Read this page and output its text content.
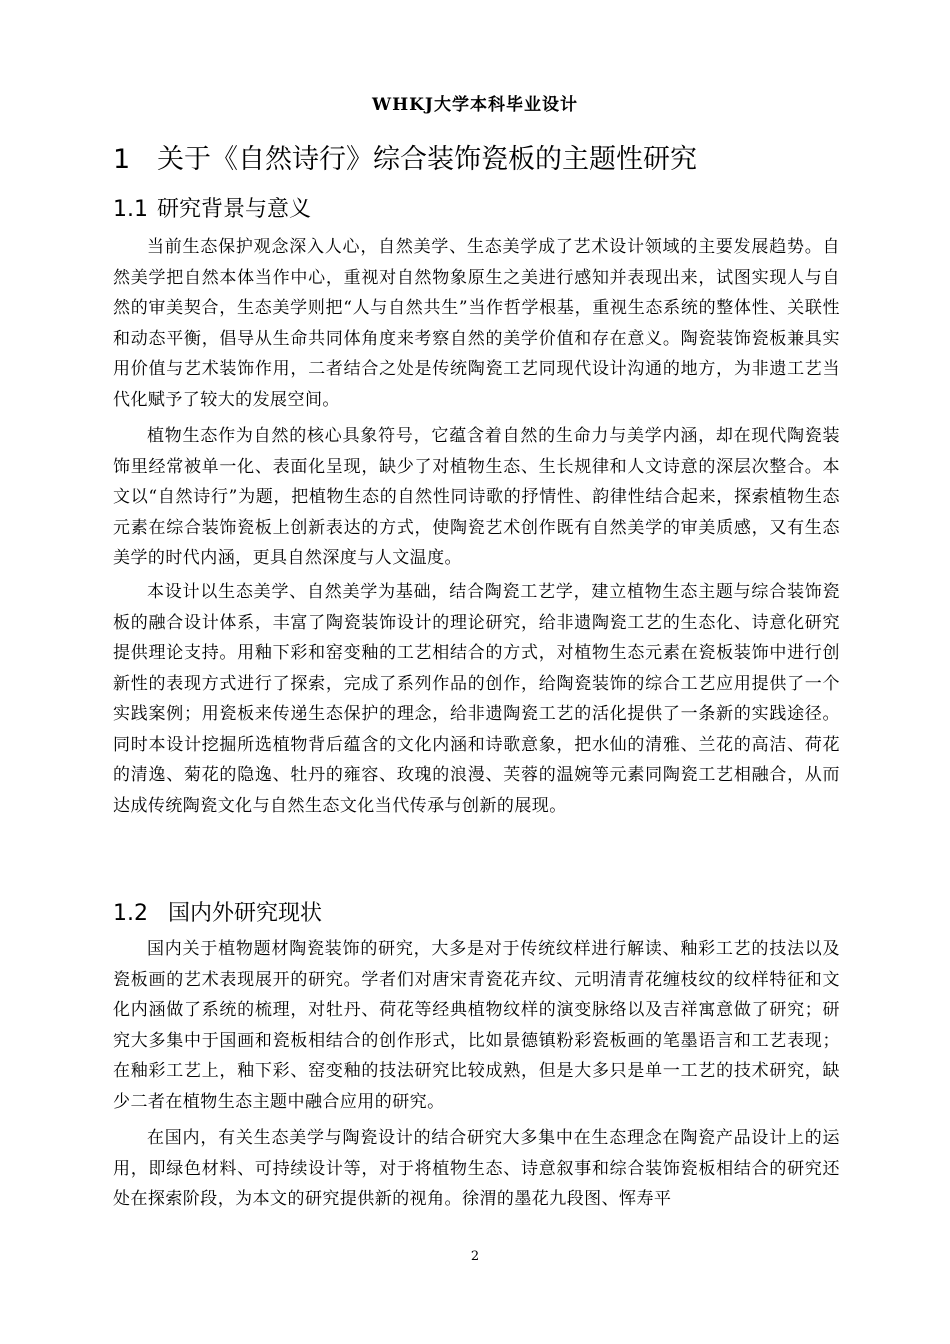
WHKJ大学本科毕业设计
1 关于《自然诗行》综合装饰瓷板的主题性研究
1.1 研究背景与意义

当前生态保护观念深入人心，自然美学、生态美学成了艺术设计领域的主要发展趋势。自然美学把自然本体当作中心，重视对自然物象原生之美进行感知并表现出来，试图实现人与自然的审美契合，生态美学则把“人与自然共生”当作哲学根基，重视生态系统的整体性、关联性和动态平衡，倡导从生命共同体角度来考察自然的美学价值和存在意义。陶瓷装饰瓷板兼具实用价值与艺术装饰作用，二者结合之处是传统陶瓷工艺同现代设计沟通的地方，为非遗工艺当代化赋予了较大的发展空间。

植物生态作为自然的核心具象符号，它蕴含着自然的生命力与美学内涵，却在现代陶瓷装饰里经常被单一化、表面化呈现，缺少了对植物生态、生长规律和人文诗意的深层次整合。本文以“自然诗行”为题，把植物生态的自然性同诗歌的抒情性、韵律性结合起来，探索植物生态元素在综合装饰瓷板上创新表达的方式，使陶瓷艺术创作既有自然美学的审美质感，又有生态美学的时代内涵，更具自然深度与人文温度。

本设计以生态美学、自然美学为基础，结合陶瓷工艺学，建立植物生态主题与综合装饰瓷板的融合设计体系，丰富了陶瓷装饰设计的理论研究，给非遗陶瓷工艺的生态化、诗意化研究提供理论支持。用釉下彩和窑变釉的工艺相结合的方式，对植物生态元素在瓷板装饰中进行创新性的表现方式进行了探索，完成了系列作品的创作，给陶瓷装饰的综合工艺应用提供了一个实践案例；用瓷板来传递生态保护的理念，给非遗陶瓷工艺的活化提供了一条新的实践途径。同时本设计挖掘所选植物背后蕴含的文化内涵和诗歌意象，把水仙的清雅、兰花的高洁、荷花的清逸、菊花的隐逸、牡丹的雍容、玫瑰的浪漫、芙蓉的温婉等元素同陶瓷工艺相融合，从而达成传统陶瓷文化与自然生态文化当代传承与创新的展现。

1.2 国内外研究现状

国内关于植物题材陶瓷装饰的研究，大多是对于传统纹样进行解读、釉彩工艺的技法以及瓷板画的艺术表现展开的研究。学者们对唐宋青瓷花卉纹、元明清青花缠枝纹的纹样特征和文化内涵做了系统的梳理，对牡丹、荷花等经典植物纹样的演变脉络以及吉祥寓意做了研究；研究大多集中于国画和瓷板相结合的创作形式，比如景德镇粉彩瓷板画的笔墨语言和工艺表现；在釉彩工艺上，釉下彩、窑变釉的技法研究比较成熟，但是大多只是单一工艺的技术研究，缺少二者在植物生态主题中融合应用的研究。

在国内，有关生态美学与陶瓷设计的结合研究大多集中在生态理念在陶瓷产品设计上的运用，即绿色材料、可持续设计等，对于将植物生态、诗意叙事和综合装饰瓷板相结合的研究还处在探索阶段，为本文的研究提供新的视角。徐渭的墨花九段图、恽寿平

2
